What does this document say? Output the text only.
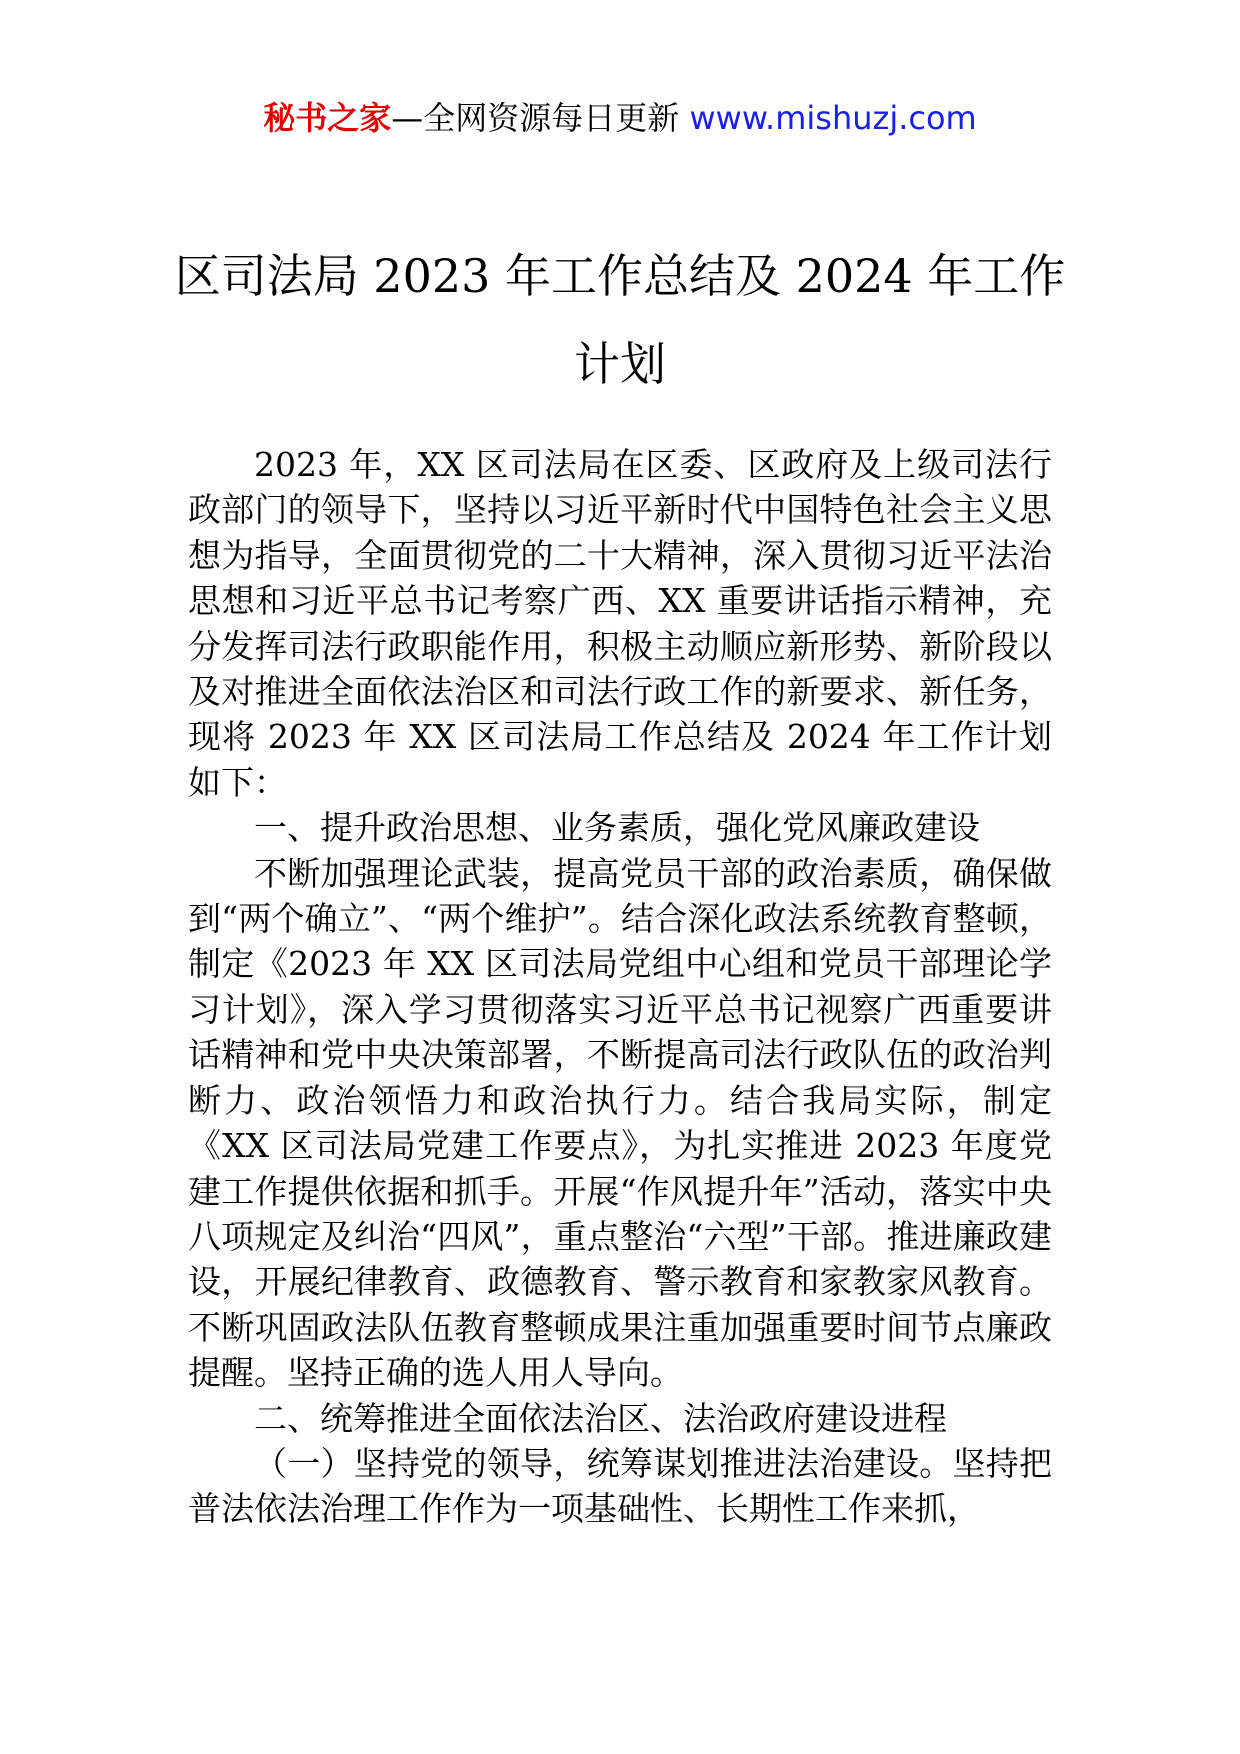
秘书之家—全网资源每日更新 www.mishuzj.com
区司法局 2023 年工作总结及 2024 年工作
计划

2023 年，XX 区司法局在区委、区政府及上级司法行政部门的领导下，坚持以习近平新时代中国特色社会主义思想为指导，全面贯彻党的二十大精神，深入贯彻习近平法治思想和习近平总书记考察广西、XX 重要讲话指示精神，充分发挥司法行政职能作用，积极主动顺应新形势、新阶段以及对推进全面依法治区和司法行政工作的新要求、新任务，现将 2023 年 XX 区司法局工作总结及 2024 年工作计划如下：

一、提升政治思想、业务素质，强化党风廉政建设

不断加强理论武装，提高党员干部的政治素质，确保做到“两个确立”、“两个维护”。结合深化政法系统教育整顿，制定《2023 年 XX 区司法局党组中心组和党员干部理论学习计划》，深入学习贯彻落实习近平总书记视察广西重要讲话精神和党中央决策部署，不断提高司法行政队伍的政治判断力、政治领悟力和政治执行力。结合我局实际，制定《XX 区司法局党建工作要点》，为扎实推进 2023 年度党建工作提供依据和抓手。开展“作风提升年”活动，落实中央八项规定及纠治“四风”，重点整治“六型”干部。推进廉政建设，开展纪律教育、政德教育、警示教育和家教家风教育。不断巩固政法队伍教育整顿成果注重加强重要时间节点廉政提醒。坚持正确的选人用人导向。

二、统筹推进全面依法治区、法治政府建设进程

（一）坚持党的领导，统筹谋划推进法治建设。坚持把普法依法治理工作作为一项基础性、长期性工作来抓，
